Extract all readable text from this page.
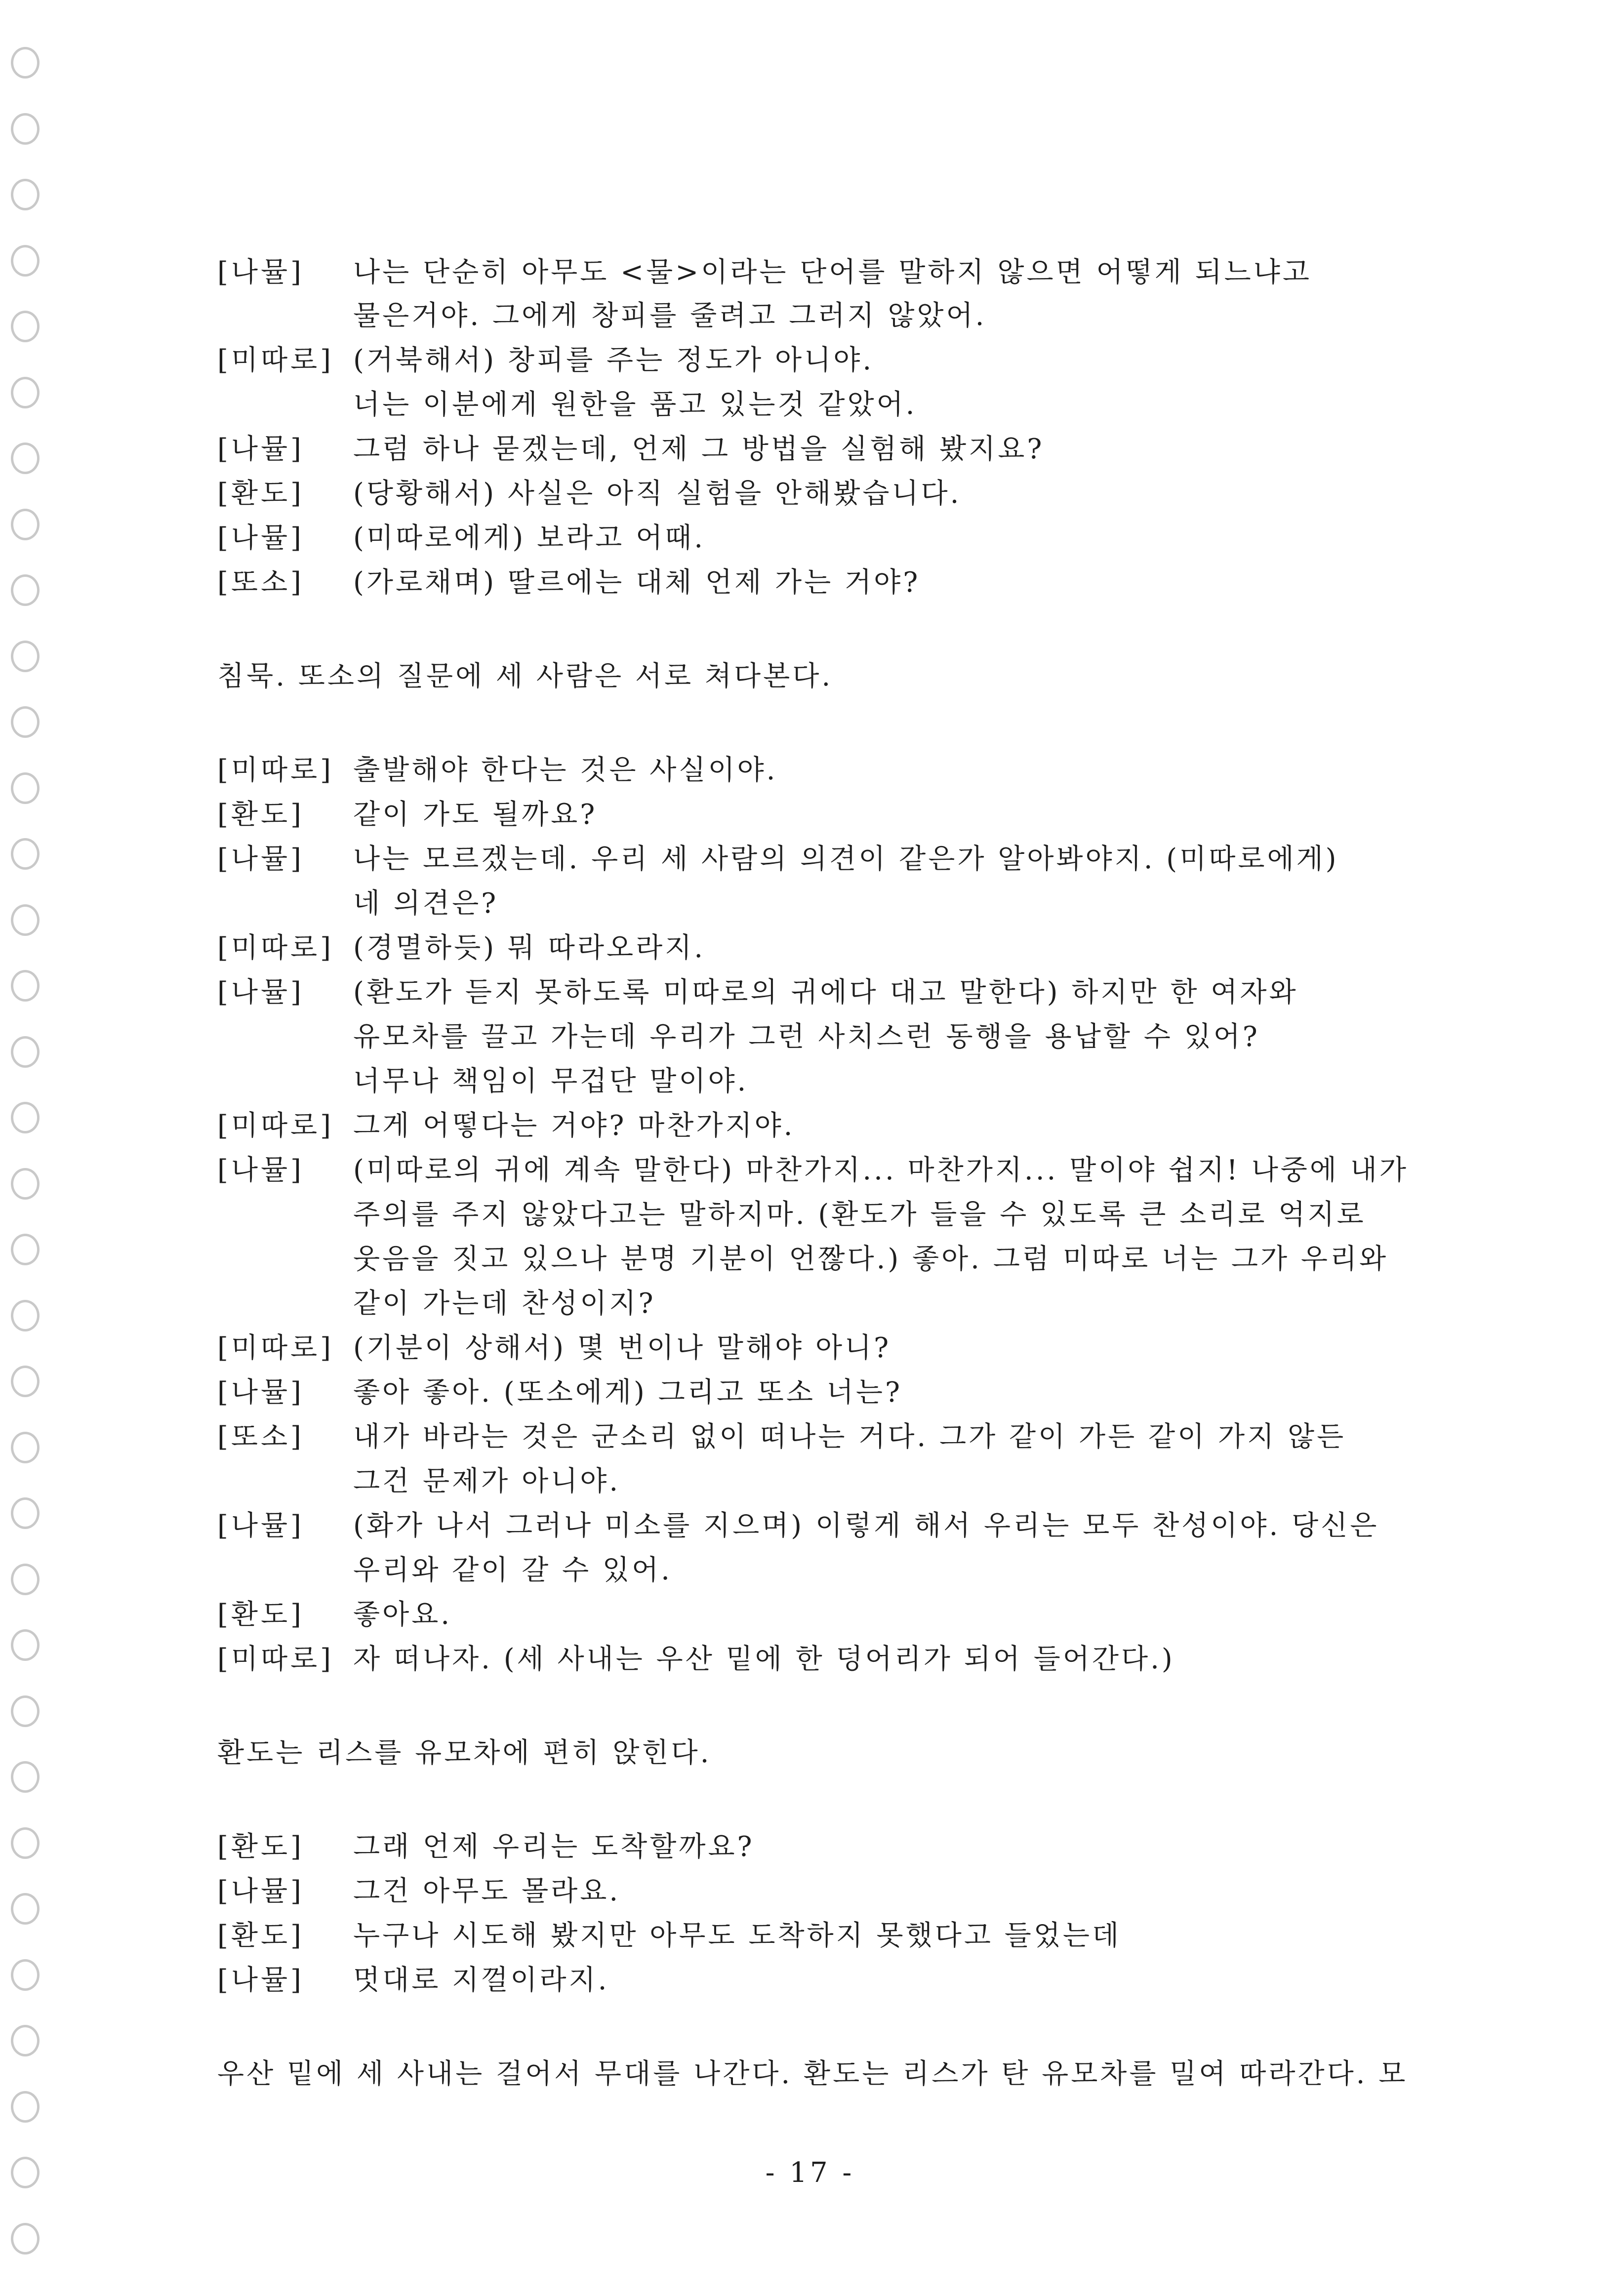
[나뮬] 나는 단순히 아무도 <물>이라는 단어를 말하지 않으면 어떻게 되느냐고
물은거야. 그에게 창피를 줄려고 그러지 않았어.
[미따로] (거북해서) 창피를 주는 정도가 아니야.
너는 이분에게 원한을 품고 있는것 같았어.
[나뮬] 그럼 하나 묻겠는데, 언제 그 방법을 실험해 봤지요?
[환도] (당황해서) 사실은 아직 실험을 안해봤습니다.
[나뮬] (미따로에게) 보라고 어때.
[또소] (가로채며) 딸르에는 대체 언제 가는 거야?
침묵. 또소의 질문에 세 사람은 서로 쳐다본다.
[미따로] 출발해야 한다는 것은 사실이야.
[환도] 같이 가도 될까요?
[나뮬] 나는 모르겠는데. 우리 세 사람의 의견이 같은가 알아봐야지. (미따로에게)
네 의견은?
[미따로] (경멸하듯) 뭐 따라오라지.
[나뮬] (환도가 듣지 못하도록 미따로의 귀에다 대고 말한다) 하지만 한 여자와
유모차를 끌고 가는데 우리가 그런 사치스런 동행을 용납할 수 있어?
너무나 책임이 무겁단 말이야.
[미따로] 그게 어떻다는 거야? 마찬가지야.
[나뮬] (미따로의 귀에 계속 말한다) 마찬가지... 마찬가지... 말이야 쉽지! 나중에 내가
주의를 주지 않았다고는 말하지마. (환도가 들을 수 있도록 큰 소리로 억지로
웃음을 짓고 있으나 분명 기분이 언짢다.) 좋아. 그럼 미따로 너는 그가 우리와
같이 가는데 찬성이지?
[미따로] (기분이 상해서) 몇 번이나 말해야 아니?
[나뮬] 좋아 좋아. (또소에게) 그리고 또소 너는?
[또소] 내가 바라는 것은 군소리 없이 떠나는 거다. 그가 같이 가든 같이 가지 않든
그건 문제가 아니야.
[나뮬] (화가 나서 그러나 미소를 지으며) 이렇게 해서 우리는 모두 찬성이야. 당신은
우리와 같이 갈 수 있어.
[환도] 좋아요.
[미따로] 자 떠나자. (세 사내는 우산 밑에 한 덩어리가 되어 들어간다.)
환도는 리스를 유모차에 편히 앉힌다.
[환도] 그래 언제 우리는 도착할까요?
[나뮬] 그건 아무도 몰라요.
[환도] 누구나 시도해 봤지만 아무도 도착하지 못했다고 들었는데
[나뮬] 멋대로 지껄이라지.
우산 밑에 세 사내는 걸어서 무대를 나간다. 환도는 리스가 탄 유모차를 밀여 따라간다. 모
- 17 -
